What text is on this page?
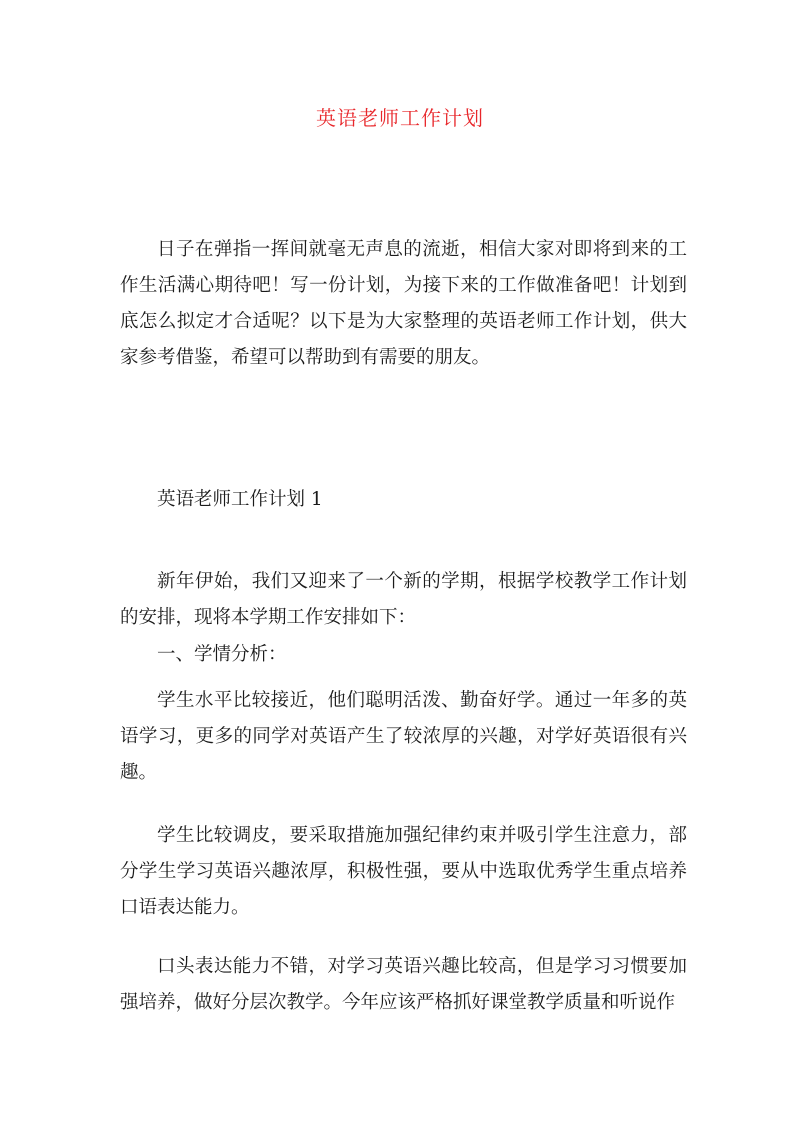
英语老师工作计划

日子在弹指一挥间就毫无声息的流逝，相信大家对即将到来的工作生活满心期待吧！写一份计划，为接下来的工作做准备吧！计划到底怎么拟定才合适呢？以下是为大家整理的英语老师工作计划，供大家参考借鉴，希望可以帮助到有需要的朋友。

英语老师工作计划 1

新年伊始，我们又迎来了一个新的学期，根据学校教学工作计划的安排，现将本学期工作安排如下：

一、学情分析：

学生水平比较接近，他们聪明活泼、勤奋好学。通过一年多的英语学习，更多的同学对英语产生了较浓厚的兴趣，对学好英语很有兴趣。

学生比较调皮，要采取措施加强纪律约束并吸引学生注意力，部分学生学习英语兴趣浓厚，积极性强，要从中选取优秀学生重点培养口语表达能力。

口头表达能力不错，对学习英语兴趣比较高，但是学习习惯要加强培养，做好分层次教学。今年应该严格抓好课堂教学质量和听说作
